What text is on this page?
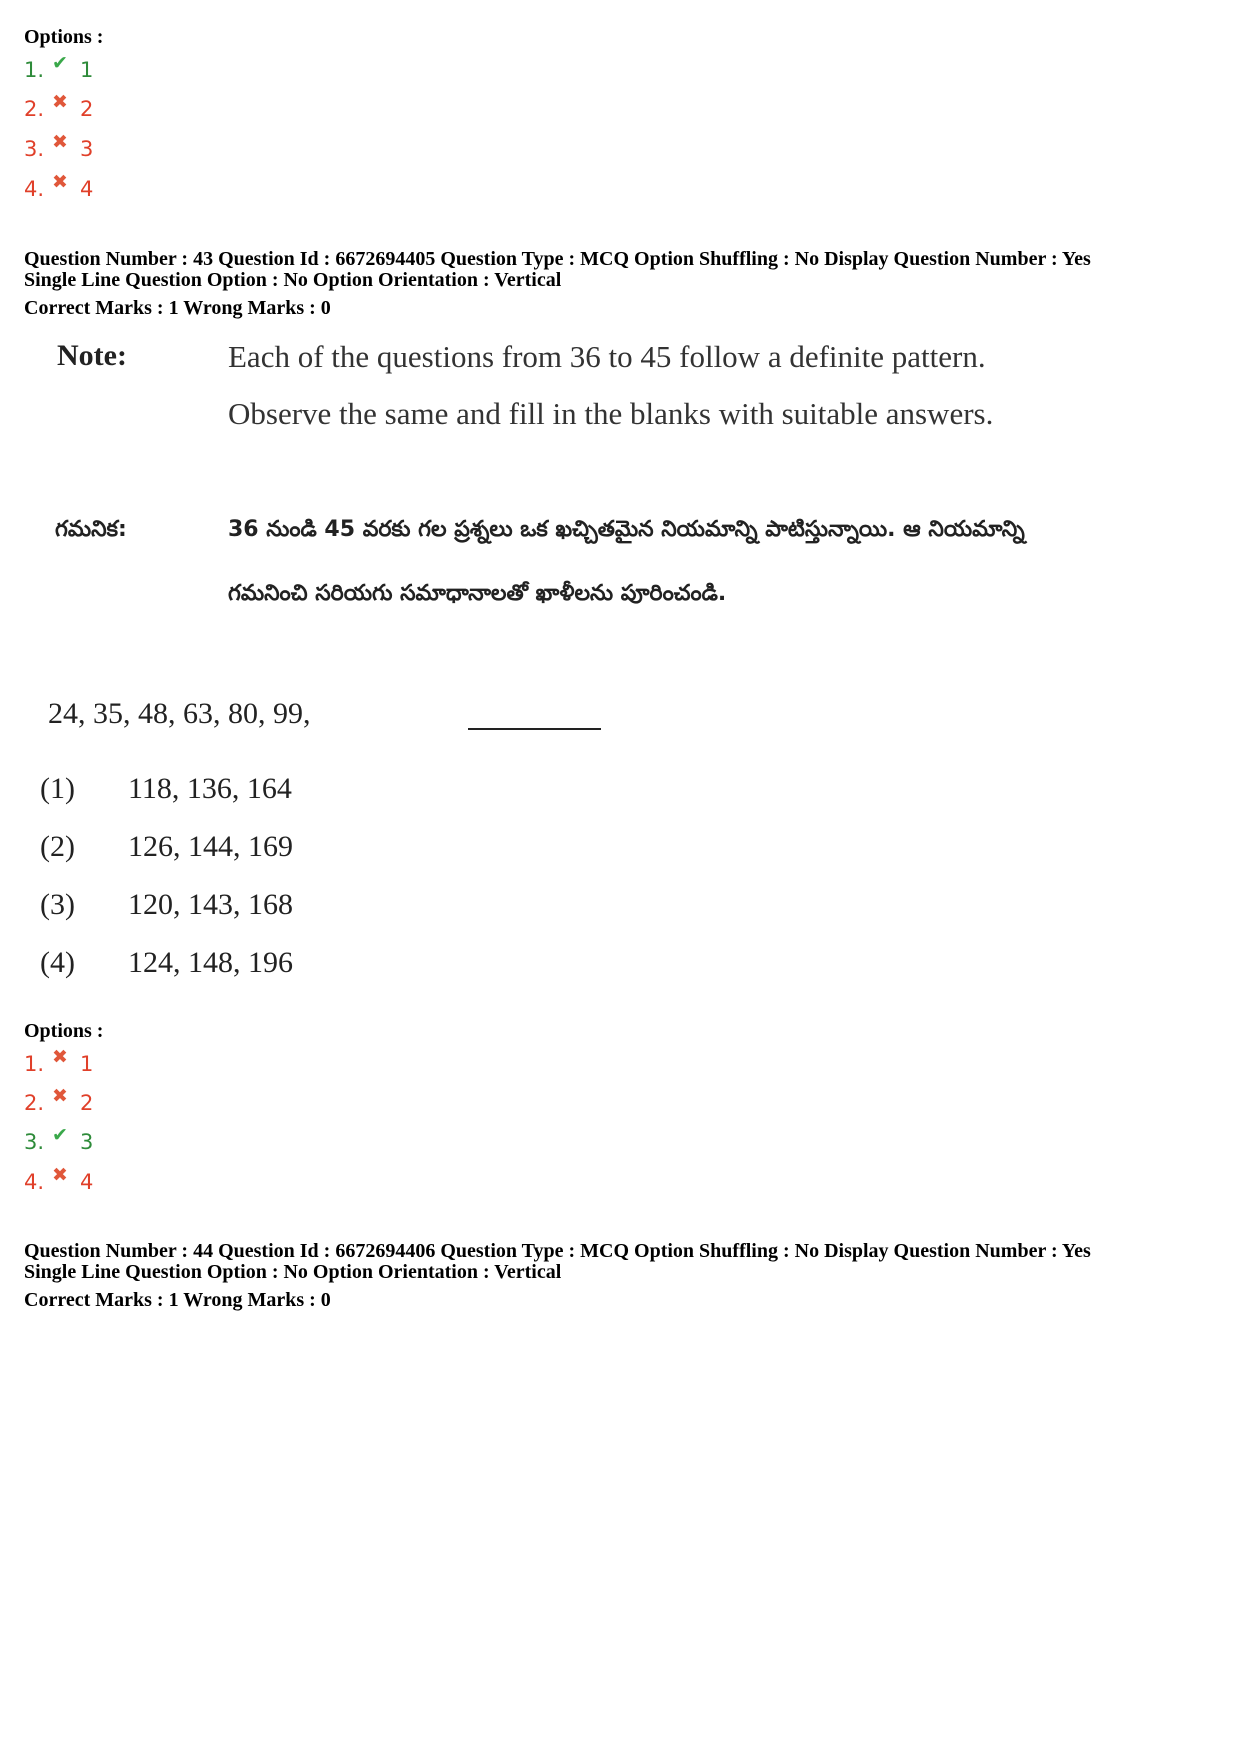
Options :
1. ✔ 1
2. ✖ 2
3. ✖ 3
4. ✖ 4
Question Number : 43 Question Id : 6672694405 Question Type : MCQ Option Shuffling : No Display Question Number : Yes
Single Line Question Option : No Option Orientation : Vertical
Correct Marks : 1 Wrong Marks : 0
Note:	Each of the questions from 36 to 45 follow a definite pattern.
Observe the same and fill in the blanks with suitable answers.
గమనిక:	36 నుండి 45 వరకు గల ప్రశ్నలు ఒక ఖచ్చితమైన నియమాన్ని పాటిస్తున్నాయి. ఆ నియమాన్ని
గమనించి సరియగు సమాధానాలతో ఖాళీలను పూరించండి.
24, 35, 48, 63, 80, 99,
(1) 118, 136, 164
(2) 126, 144, 169
(3) 120, 143, 168
(4) 124, 148, 196
Options :
1. ✖ 1
2. ✖ 2
3. ✔ 3
4. ✖ 4
Question Number : 44 Question Id : 6672694406 Question Type : MCQ Option Shuffling : No Display Question Number : Yes
Single Line Question Option : No Option Orientation : Vertical
Correct Marks : 1 Wrong Marks : 0
